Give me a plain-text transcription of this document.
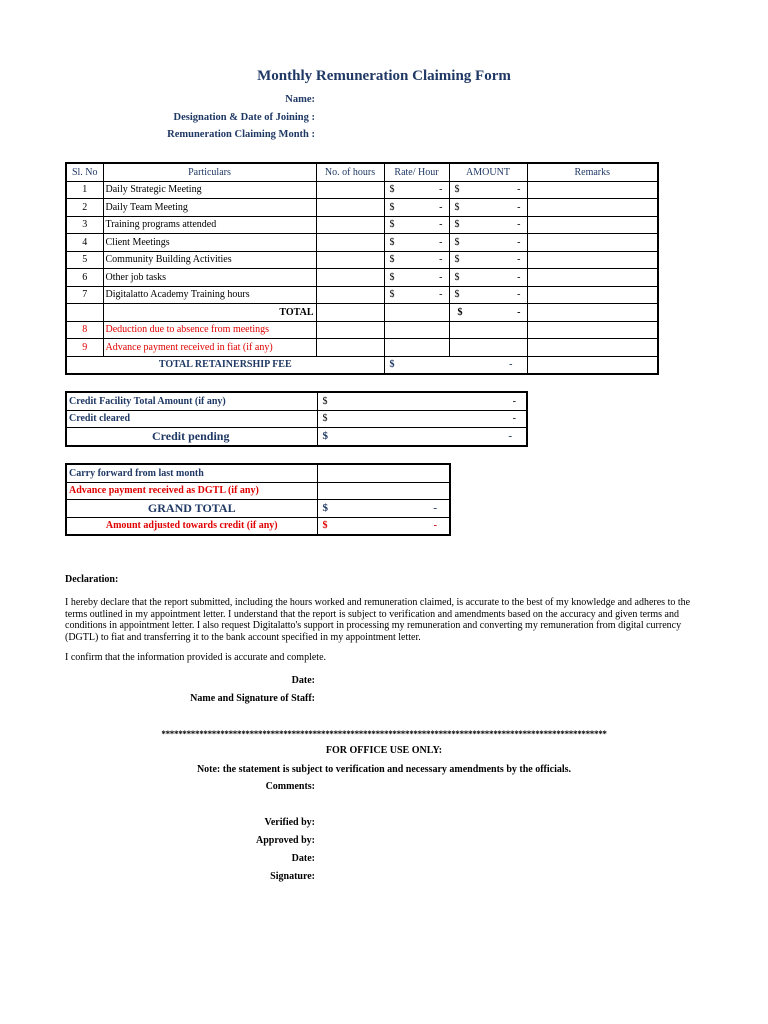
Monthly Remuneration Claiming Form
Name:
Designation & Date of Joining :
Remuneration Claiming Month :
Sl. No	Particulars	No. of hours	Rate/ Hour	AMOUNT	Remarks
1	Daily Strategic Meeting		$ -	$ -	

2	Daily Team Meeting		$ -	$ -	

3	Training programs attended		$ -	$ -	

4	Client Meetings		$ -	$ -	

5	Community Building Activities		$ -	$ -	

6	Other job tasks		$ -	$ -	

7	Digitalatto Academy Training hours		$ -	$ -	

	TOTAL			$ -	

8	Deduction due to absence from meetings				
9	Advance payment received in fiat (if any)				
TOTAL RETAINERSHIP FEE			$ -		

Credit Facility Total Amount (if any)	$ -

Credit cleared	$ -

Credit pending	$ -
Carry forward from last month	
Advance payment received as DGTL (if any)	
GRAND TOTAL	$ -

Amount adjusted towards credit (if any)	$ -
Declaration:
I hereby declare that the report submitted, including the hours worked and remuneration claimed, is accurate to the best of my knowledge and adheres to the terms outlined in my appointment letter. I understand that the report is subject to verification and amendments based on the accuracy and given terms and conditions in appointment letter. I also request Digitalatto's support in processing my remuneration and converting my remuneration from digital currency (DGTL) to fiat and transferring it to the bank account specified in my appointment letter.
I confirm that the information provided is accurate and complete.
Date:
Name and Signature of Staff:
**********************************************************************************************************
FOR OFFICE USE ONLY:
Note: the statement is subject to verification and necessary amendments by the officials.
Comments:
Verified by:
Approved by:
Date:
Signature:
